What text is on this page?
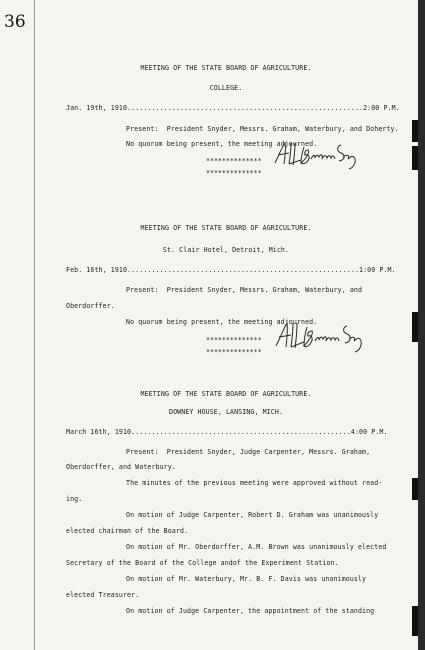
36
MEETING OF THE STATE BOARD OF AGRICULTURE.
COLLEGE.
Jan. 19th, 1910..........................................................2:00 P.M.
Present:  President Snyder, Messrs. Graham, Waterbury, and Doherty.
No quorum being present, the meeting adjourned.
**************
**************
MEETING OF THE STATE BOARD OF AGRICULTURE.
St. Clair Hotel, Detroit, Mich.
Feb. 16th, 1910.........................................................1:00 P.M.
Present:  President Snyder, Messrs. Graham, Waterbury, and
Oberdorffer.
No quorum being present, the meeting adjourned.
**************
**************
MEETING OF THE STATE BOARD OF AGRICULTURE.
DOWNEY HOUSE, LANSING, MICH.
March 16th, 1910......................................................4:00 P.M.
Present:  President Snyder, Judge Carpenter, Messrs. Graham,
Oberdorffer, and Waterbury.
The minutes of the previous meeting were approved without read-
ing.
On motion of Judge Carpenter, Robert D. Graham was unanimously
elected chairman of the Board.
On motion of Mr. Oberdorffer, A.M. Brown was unanimously elected
Secretary of the Board of the College andof the Experiment Station.
On motion of Mr. Waterbury, Mr. B. F. Davis was unanimously
elected Treasurer.
On motion of Judge Carpenter, the appointment of the standing
